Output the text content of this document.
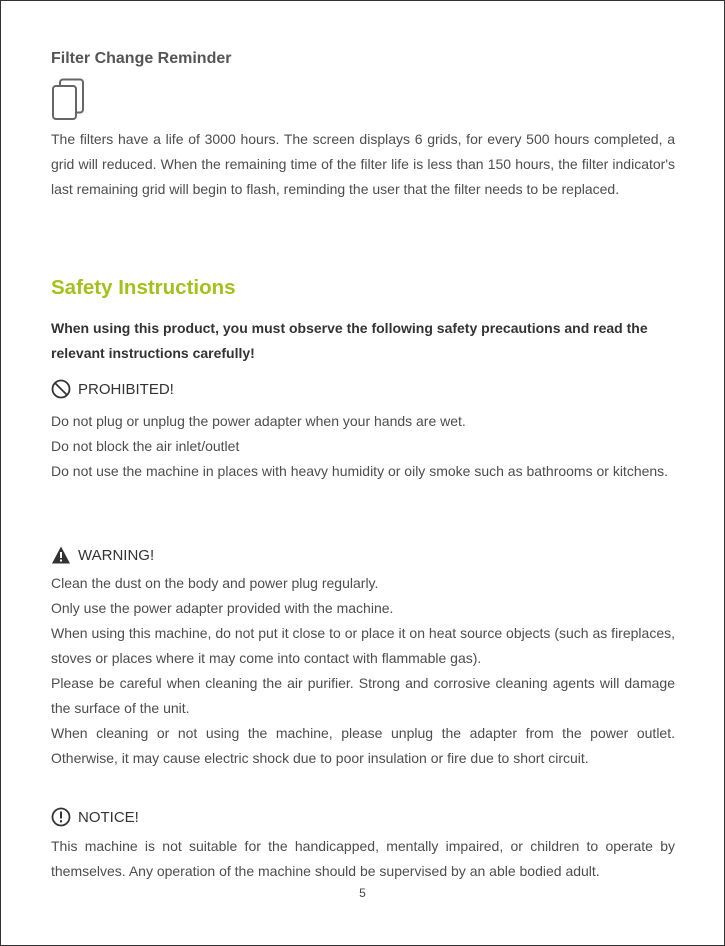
Filter Change Reminder

The filters have a life of 3000 hours. The screen displays 6 grids, for every 500 hours completed, a grid will reduced. When the remaining time of the filter life is less than 150 hours, the filter indicator's last remaining grid will begin to flash, reminding the user that the filter needs to be replaced.

Safety Instructions
When using this product, you must observe the following safety precautions and read the relevant instructions carefully!
PROHIBITED!
Do not plug or unplug the power adapter when your hands are wet.
Do not block the air inlet/outlet
Do not use the machine in places with heavy humidity or oily smoke such as bathrooms or kitchens.
WARNING!
Clean the dust on the body and power plug regularly.
Only use the power adapter provided with the machine.
When using this machine, do not put it close to or place it on heat source objects (such as fireplaces, stoves or places where it may come into contact with flammable gas).
Please be careful when cleaning the air purifier. Strong and corrosive cleaning agents will damage the surface of the unit.
When cleaning or not using the machine, please unplug the adapter from the power outlet. Otherwise, it may cause electric shock due to poor insulation or fire due to short circuit.
NOTICE!
This machine is not suitable for the handicapped, mentally impaired, or children to operate by themselves. Any operation of the machine should be supervised by an able bodied adult.
5
